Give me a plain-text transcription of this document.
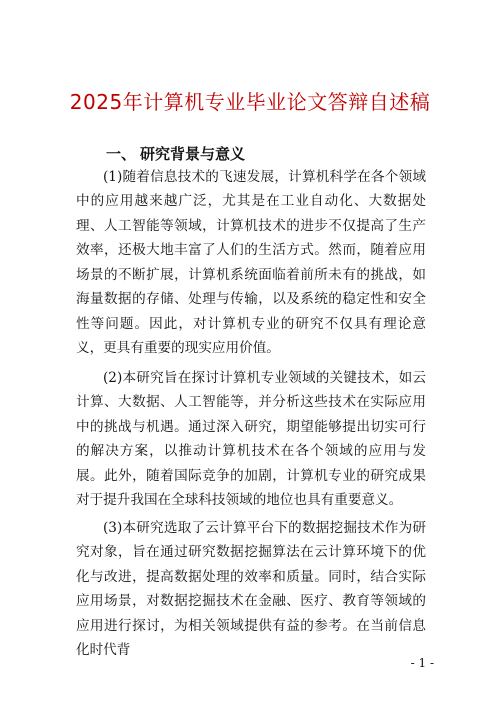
2025年计算机专业毕业论文答辩自述稿
一、 研究背景与意义

(1)随着信息技术的飞速发展，计算机科学在各个领域中的应用越来越广泛，尤其是在工业自动化、大数据处理、人工智能等领域，计算机技术的进步不仅提高了生产效率，还极大地丰富了人们的生活方式。然而，随着应用场景的不断扩展，计算机系统面临着前所未有的挑战，如海量数据的存储、处理与传输，以及系统的稳定性和安全性等问题。因此，对计算机专业的研究不仅具有理论意义，更具有重要的现实应用价值。

(2)本研究旨在探讨计算机专业领域的关键技术，如云计算、大数据、人工智能等，并分析这些技术在实际应用中的挑战与机遇。通过深入研究，期望能够提出切实可行的解决方案，以推动计算机技术在各个领域的应用与发展。此外，随着国际竞争的加剧，计算机专业的研究成果对于提升我国在全球科技领域的地位也具有重要意义。

(3)本研究选取了云计算平台下的数据挖掘技术作为研究对象，旨在通过研究数据挖掘算法在云计算环境下的优化与改进，提高数据处理的效率和质量。同时，结合实际应用场景，对数据挖掘技术在金融、医疗、教育等领域的应用进行探讨，为相关领域提供有益的参考。在当前信息化时代背

- 1 -
